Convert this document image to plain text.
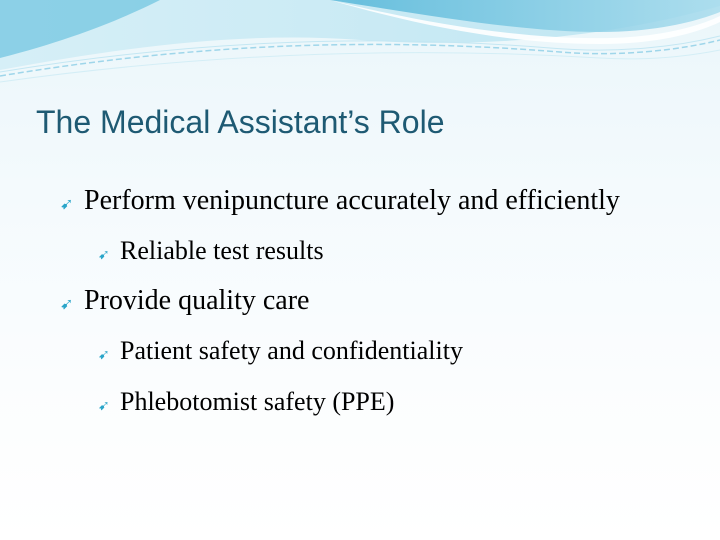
The Medical Assistant’s Role
➹ Perform venipuncture accurately and efficiently
➹ Reliable test results
➹ Provide quality care
➹ Patient safety and confidentiality
➹ Phlebotomist safety (PPE)
